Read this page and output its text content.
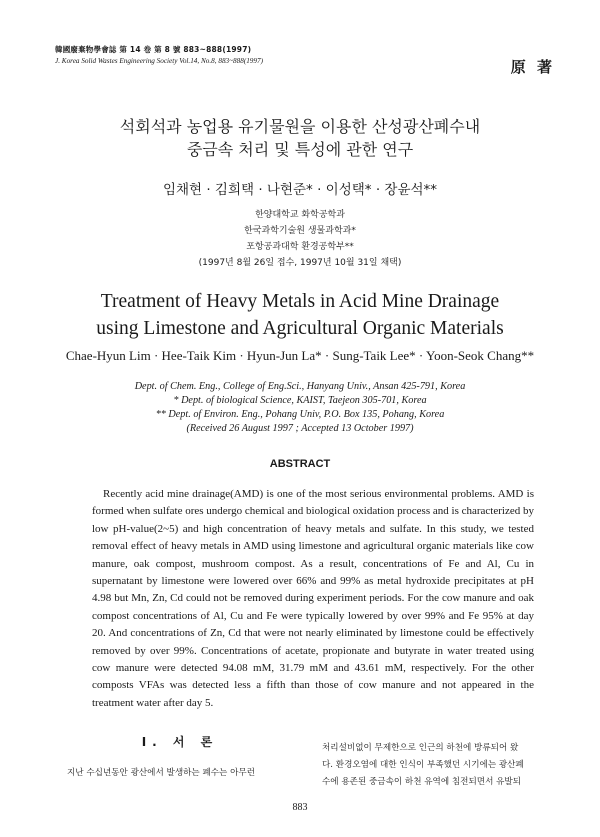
韓國廢棄物學會誌 第 14 卷 第 8 號 883~888(1997)
J. Korea Solid Wastes Engineering Society Vol.14, No.8, 883~888(1997)	原 著
석회석과 농업용 유기물원을 이용한 산성광산폐수내
중금속 처리 및 특성에 관한 연구
임채현 · 김희택 · 나현준* · 이성택* · 장윤석**
한양대학교 화학공학과
한국과학기술원 생물과학과*
포항공과대학 환경공학부**
(1997년 8월 26일 접수, 1997년 10월 31일 채택)
Treatment of Heavy Metals in Acid Mine Drainage
using Limestone and Agricultural Organic Materials
Chae-Hyun Lim · Hee-Taik Kim · Hyun-Jun La* · Sung-Taik Lee* · Yoon-Seok Chang**
Dept. of Chem. Eng., College of Eng.Sci., Hanyang Univ., Ansan 425-791, Korea
* Dept. of biological Science, KAIST, Taejeon 305-701, Korea
** Dept. of Environ. Eng., Pohang Univ, P.O. Box 135, Pohang, Korea
(Received 26 August 1997 ; Accepted 13 October 1997)
ABSTRACT
Recently acid mine drainage(AMD) is one of the most serious environmental problems. AMD is formed when sulfate ores undergo chemical and biological oxidation process and is characterized by low pH-value(2~5) and high concentration of heavy metals and sulfate. In this study, we tested removal effect of heavy metals in AMD using limestone and agricultural organic materials like cow manure, oak compost, mushroom compost. As a result, concentrations of Fe and Al, Cu in supernatant by limestone were lowered over 66% and 99% as metal hydroxide precipitates at pH 4.98 but Mn, Zn, Cd could not be removed during experiment periods. For the cow manure and oak compost concentrations of Al, Cu and Fe were typically lowered by over 99% and Fe 95% at day 20. And concentrations of Zn, Cd that were not nearly eliminated by limestone could be effectively removed by over 99%. Concentrations of acetate, propionate and butyrate in water treated using cow manure were detected 94.08 mM, 31.79 mM and 43.61 mM, respectively. For the other composts VFAs was detected less a fifth than those of cow manure and not appeared in the treatment water after day 5.
I. 서 론
지난 수십년동안 광산에서 발생하는 폐수는 아무런
처리설비없이 무제한으로 인근의 하천에 방류되어 왔
다. 환경오염에 대한 인식이 부족했던 시기에는 광산폐
수에 용존된 중금속이 하천 유역에 침전되면서 유발되
883
